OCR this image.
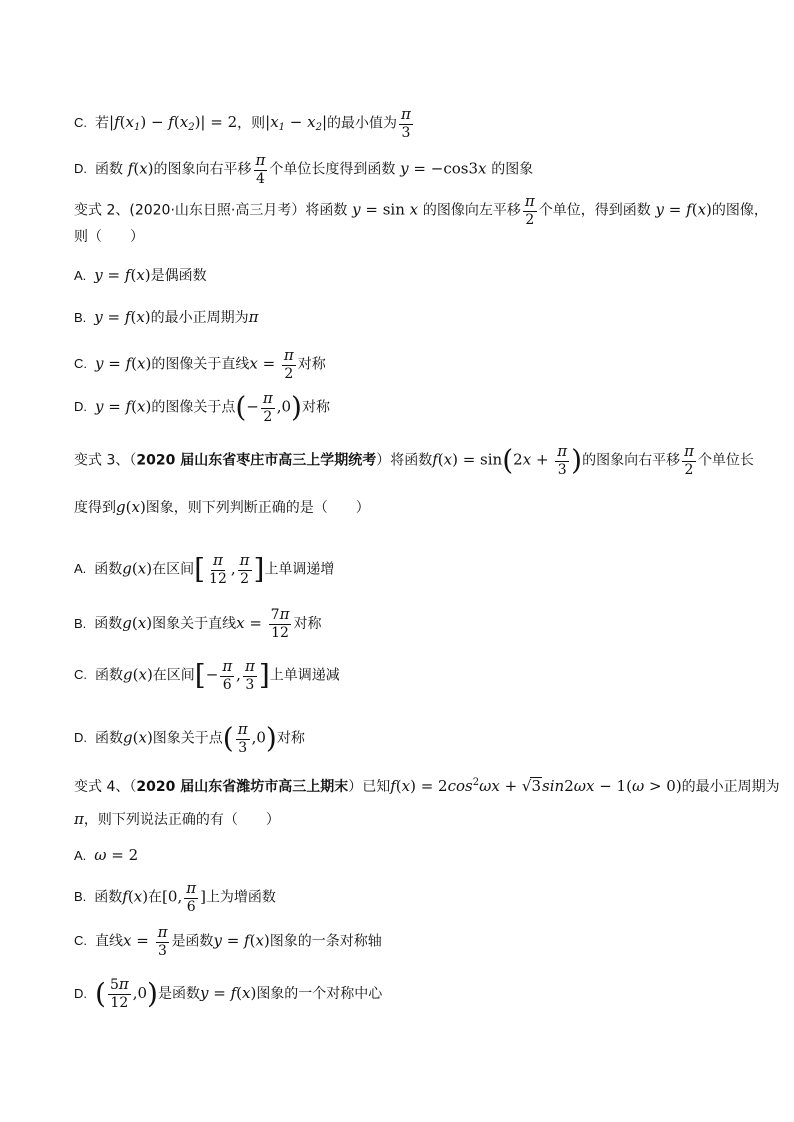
C. 若$|f(x_1) - f(x_2)| = 2$，则$|x_1 - x_2|$的最小值为 $\frac{\pi}{3}$
D. 函数 f(x)的图象向右平移 $\frac{\pi}{4}$ 个单位长度得到函数 y = −cos3x 的图象
变式 2、(2020·山东日照·高三月考）将函数 y = sin x 的图像向左平移 $\frac{\pi}{2}$ 个单位，得到函数 y = f(x)的图像，
则（　　）
A. y = f(x)是偶函数
B. y = f(x)的最小正周期为π
C. y = f(x)的图像关于直线$x = \frac{\pi}{2}$ 对称
D. y = f(x)的图像关于点(− $\frac{\pi}{2} ,0$)对称
变式 3、（2020 届山东省枣庄市高三上学期统考）将函数$f(x) = \sin(2x + \frac{\pi}{3}$ )的图象向右平移 $\frac{\pi}{2}$ 个单位长
度得到g(x)图象，则下列判断正确的是（　　）
A. 函数g(x)在区间[ $\frac{\pi}{12}$ , $\frac{\pi}{2}$ ]上单调递增
B. 函数g(x)图象关于直线$x = \frac{7\pi}{12}$ 对称
C. 函数g(x)在区间[− $\frac{\pi}{6}$ , $\frac{\pi}{3}$ ]上单调递减
D. 函数g(x)图象关于点( $\frac{\pi}{3} ,0$)对称
变式 4、（2020 届山东省潍坊市高三上期末）已知$f(x) = 2\cos^2\omega x + √3\sin 2\omega x - 1(\omega > 0)$的最小正周期为
π，则下列说法正确的有（　　）
A. ω = 2
B. 函数f(x)在[0, $\frac{\pi}{6}$ ]上为增函数
C. 直线$x = \frac{\pi}{3}$ 是函数y = f(x)图象的一条对称轴
D. ( $\frac{5\pi}{12} ,0$)是函数y = f(x)图象的一个对称中心
